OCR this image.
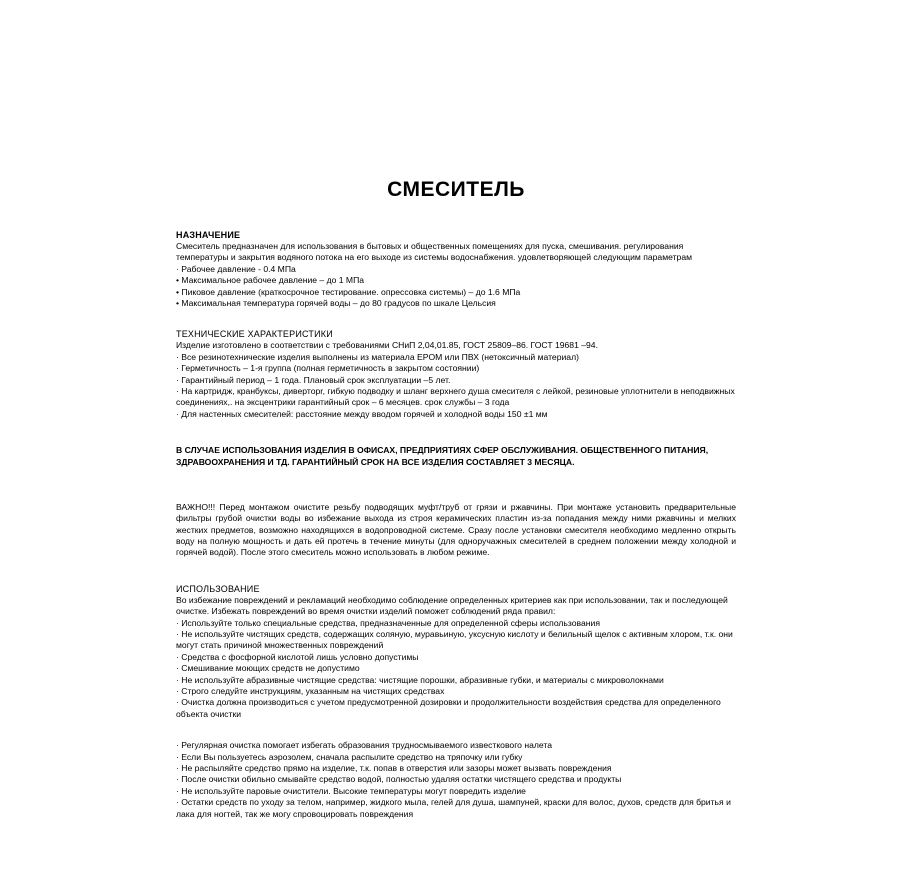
СМЕСИТЕЛЬ
НАЗНАЧЕНИЕ

Смеситель предназначен для использования в бытовых и общественных помещениях для пуска, смешивания. регулирования температуры и закрытия водяного потока на его выходе из системы водоснабжения. удовлетворяющей следующим параметрам

· Рабочее давление - 0.4 МПа
• Максимальное рабочее давление – до 1 МПа
• Пиковое давление (краткосрочное тестирование. опрессовка системы) – до 1.6 МПа
• Максимальная температура горячей воды – до 80 градусов по шкале Цельсия
ТЕХНИЧЕСКИЕ ХАРАКТЕРИСТИКИ

Изделие изготовлено в соответствии с требованиями СНиП 2,04,01.85, ГОСТ 25809–86. ГОСТ 19681 –94.

· Все резинотехнические изделия выполнены из материала EPOM или ПВХ (нетоксичный материал)
· Герметичность – 1-я группа (полная герметичность в закрытом состоянии)
· Гарантийный период – 1 года. Плановый срок эксплуатации –5 лет.
· На картридж, кранбуксы, диверторr, гибкую подводку и шланг верхнего душа смесителя с лейкой, резиновые уплотнители в неподвижных соединениях,. на эксцентрики гарантийный срок – 6 месяцев. срок службы – 3 года
· Для настенных смесителей: расстояние между вводом горячей и холодной воды 150 ±1 мм

В СЛУЧАЕ ИСПОЛЬЗОВАНИЯ ИЗДЕЛИЯ В ОФИСАХ, ПРЕДПРИЯТИЯХ СФЕР ОБСЛУЖИВАНИЯ. ОБЩЕСТВЕННОГО ПИТАНИЯ, ЗДРАВООХРАНЕНИЯ И ТД. ГАРАНТИЙНЫЙ СРОК НА ВСЕ ИЗДЕЛИЯ СОСТАВЛЯЕТ 3 МЕСЯЦА.

ВАЖНО!!! Перед монтажом очистите резьбу подводящих муфт/труб от грязи и ржавчины. При монтаже установить предварительные фильтры грубой очистки воды во избежание выхода из строя керамических пластин из-за попадания между ними ржавчины и мелких жестких предметов, возможно находящихся в водопроводной системе. Сразу после установки смесителя необходимо медленно открыть воду на полную мощность и дать ей протечь в течение минуты (для одноручажных смесителей в среднем положении между холодной и горячей водой). После этого смеситель можно использовать в любом режиме.

ИСПОЛЬЗОВАНИЕ

Во избежание повреждений и рекламаций необходимо соблюдение определенных критериев как при использовании, так и последующей очистке. Избежать повреждений во время очистки изделий поможет соблюдений ряда правил:

· Используйте только специальные средства, предназначенные для определенной сферы использования

· Не используйте чистящих средств, содержащих соляную, муравьиную, уксусную кислоту и белильный щелок с активным хлором, т.к. они могут стать причиной множественных повреждений
· Средства с фосфорной кислотой лишь условно допустимы
· Смешивание моющих средств не допустимо
· Не используйте абразивные чистящие средства: чистящие порошки, абразивные губки, и материалы с микроволокнами
· Строго следуйте инструкциям, указанным на чистящих средствах
· Очистка должна производиться с учетом предусмотренной дозировки и продолжительности воздействия средства для определенного объекта очистки
· Регулярная очистка помогает избегать образования трудносмываемого известкового налета
· Если Вы пользуетесь аэрозолем, сначала распылите средство на тряпочку или губку
· Не распыляйте средство прямо на изделие, т.к. попав в отверстия или зазоры может вызвать повреждения
· После очистки обильно смывайте средство водой, полностью удаляя остатки чистящего средства и продукты
· Не используйте паровые очистители. Высокие температуры могут повредить изделие
· Остатки средств по уходу за телом, например, жидкого мыла, гелей для душа, шампуней, краски для волос, духов, средств для бритья и лака для ногтей, так же могу спровоцировать повреждения
